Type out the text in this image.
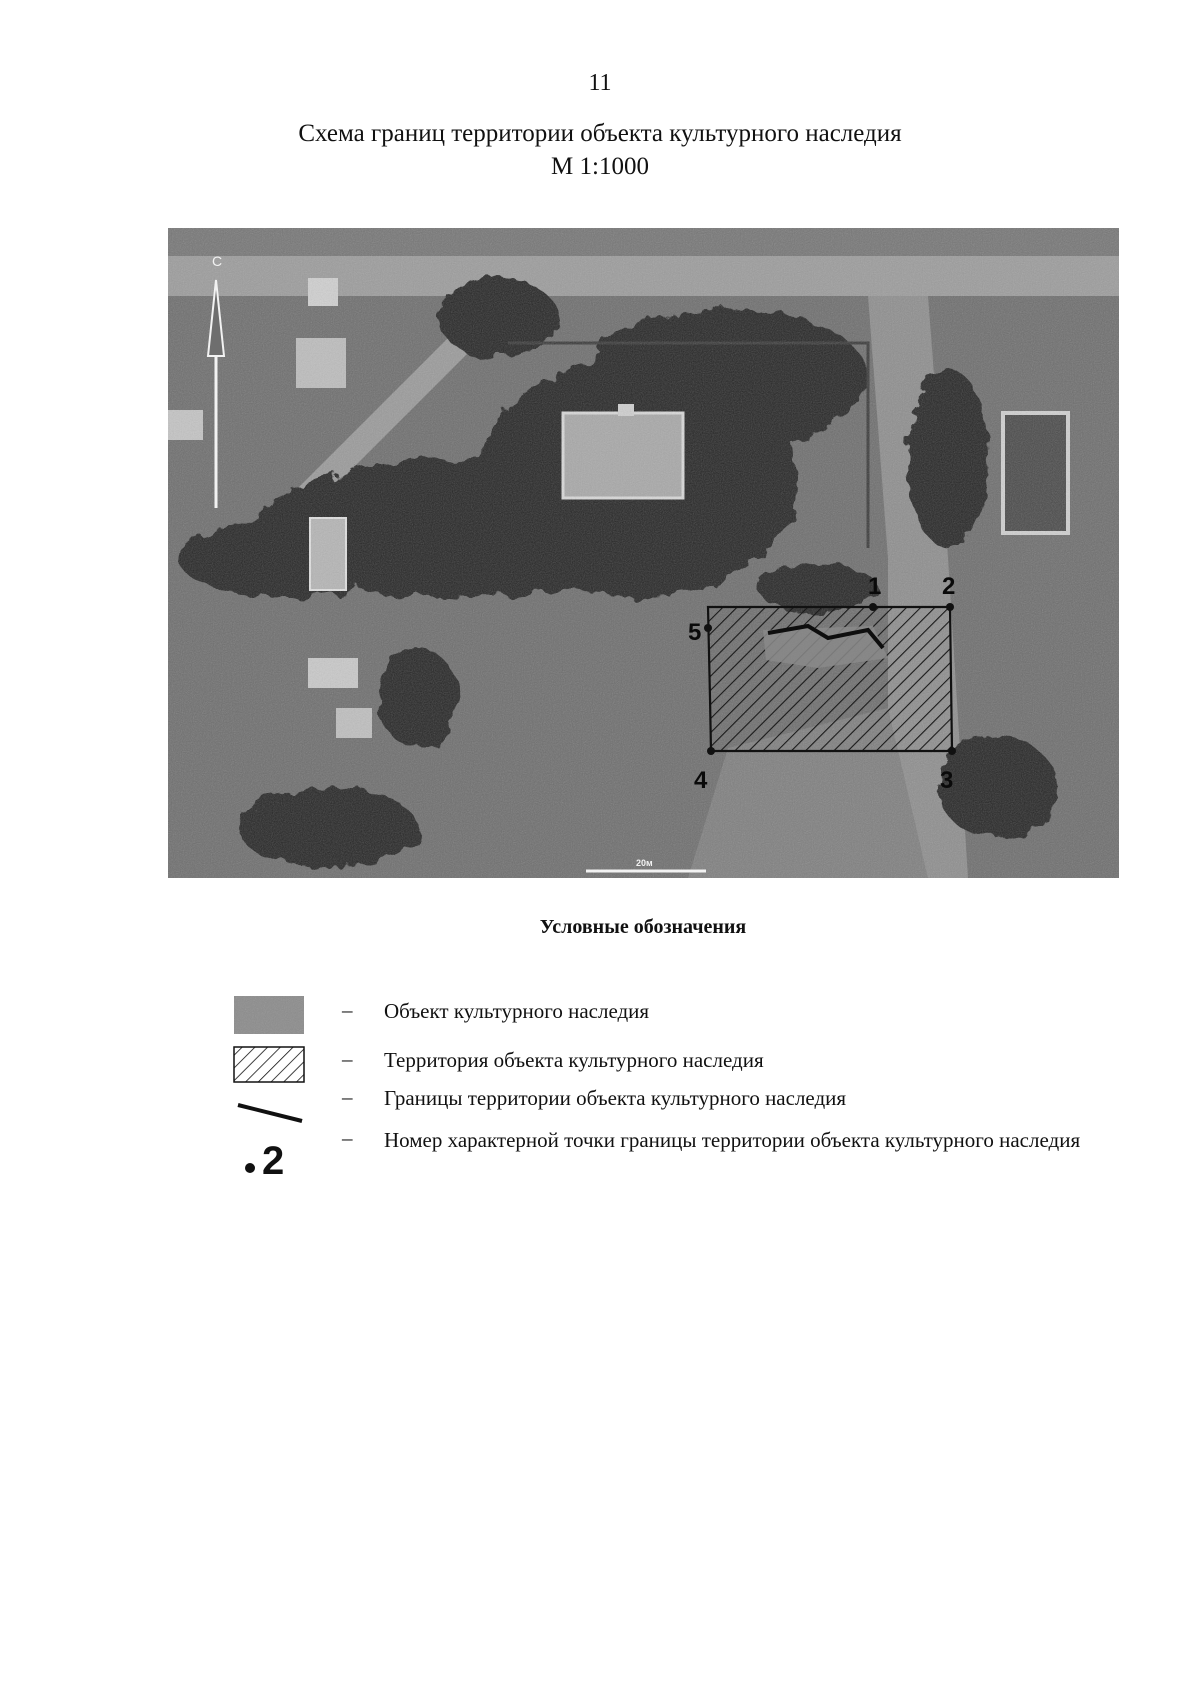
11
Схема границ территории объекта культурного наследия
М 1:1000
С
1	2
3
4
5
20м
Условные обозначения
– Объект культурного наследия
– Территория объекта культурного наследия
– Границы территории объекта культурного наследия
2
–	Номер характерной точки границы территории объекта культурного наследия
